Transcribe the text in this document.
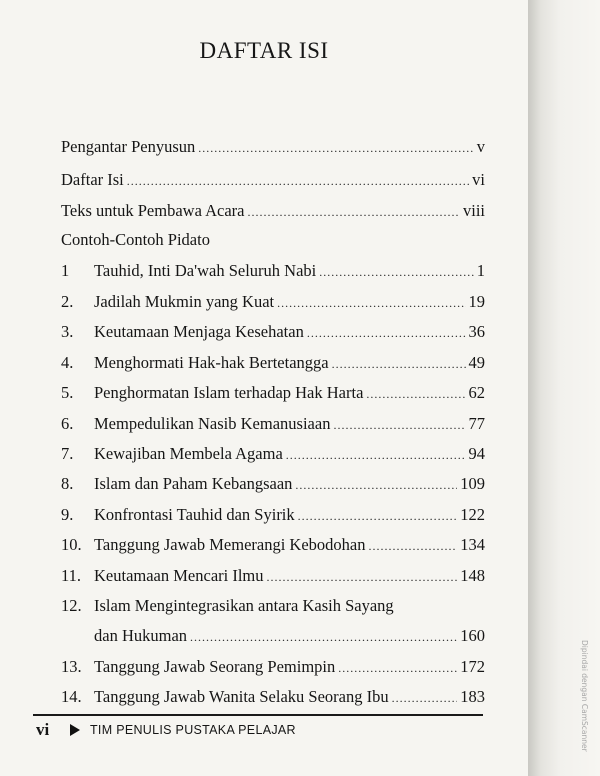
DAFTAR ISI
Pengantar Penyusun .....	v
Daftar Isi .....	vi
Teks untuk Pembawa Acara .....	viii
Contoh-Contoh Pidato
1	Tauhid, Inti Da'wah Seluruh Nabi .....	1
2.	Jadilah Mukmin yang Kuat .....	19
3.	Keutamaan Menjaga Kesehatan .....	36
4.	Menghormati Hak-hak Bertetangga .....	49
5.	Penghormatan Islam terhadap Hak Harta .....	62
6.	Mempedulikan Nasib Kemanusiaan .....	77
7.	Kewajiban Membela Agama .....	94
8.	Islam dan Paham Kebangsaan .....	109
9.	Konfrontasi Tauhid dan Syirik .....	122
10. Tanggung Jawab Memerangi Kebodohan .....	134
11. Keutamaan Mencari Ilmu .....	148
12. Islam Mengintegrasikan antara Kasih Sayang
dan Hukuman .....	160
13. Tanggung Jawab Seorang Pemimpin .....	172
14. Tanggung Jawab Wanita Selaku Seorang Ibu .....	183
vi	TIM PENULIS PUSTAKA PELAJAR	Dipindai dengan CamScanner
